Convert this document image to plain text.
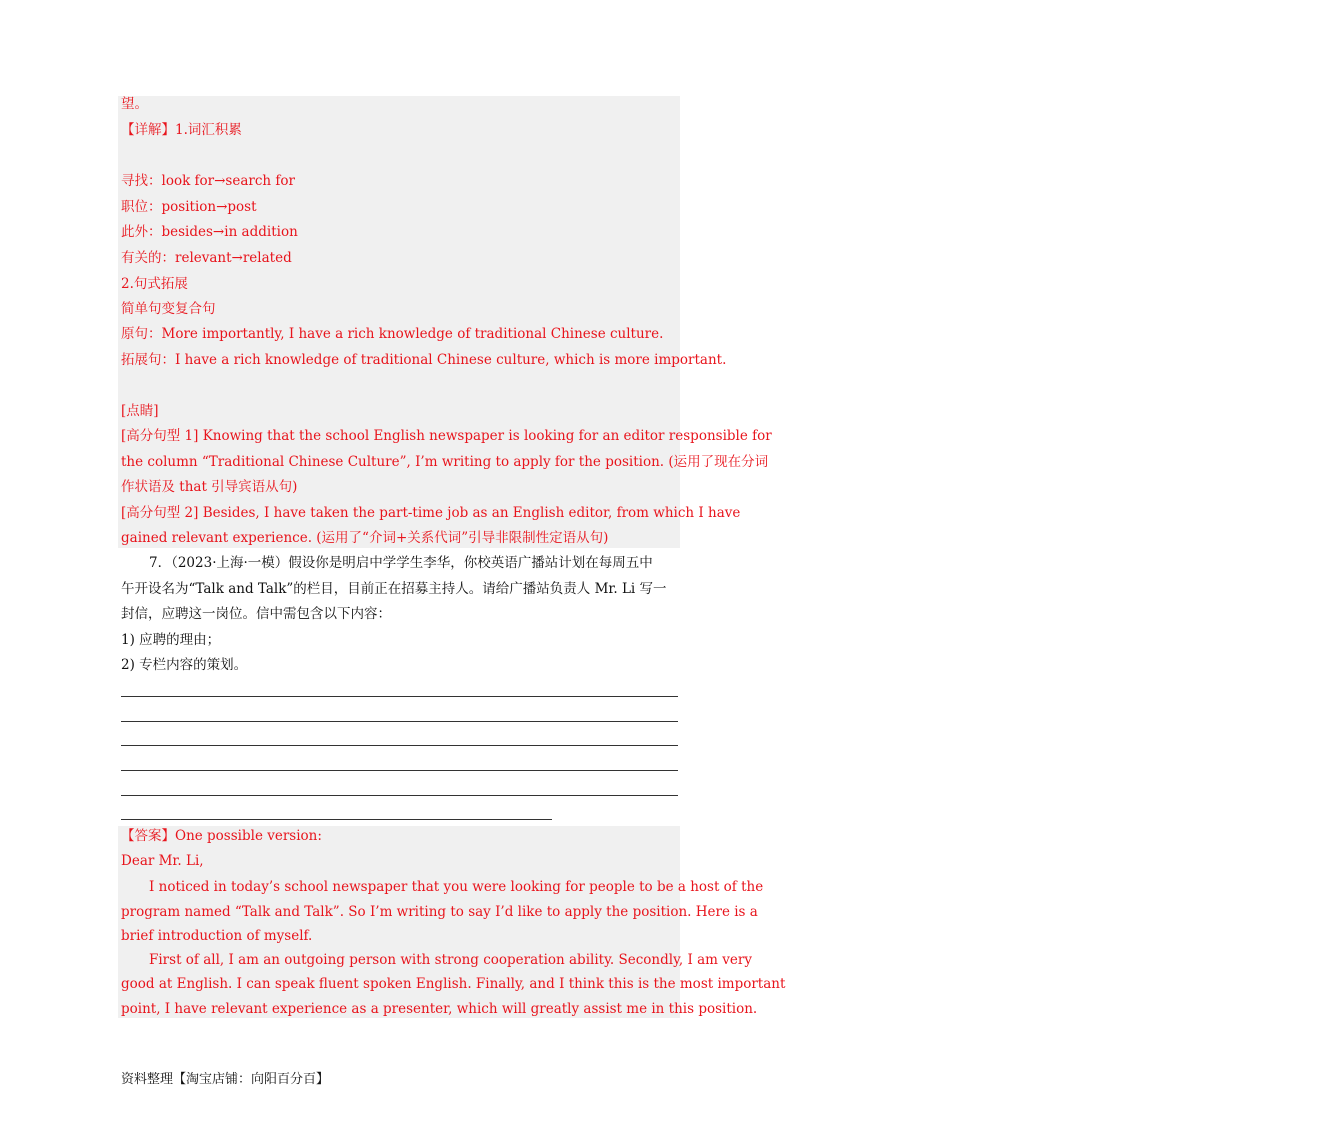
望。
【详解】1.词汇积累
寻找：look for→search for
职位：position→post
此外：besides→in addition
有关的：relevant→related
2.句式拓展
简单句变复合句
原句：More importantly, I have a rich knowledge of traditional Chinese culture.
拓展句：I have a rich knowledge of traditional Chinese culture, which is more important.
[点睛]
[高分句型 1] Knowing that the school English newspaper is looking for an editor responsible for
the column “Traditional Chinese Culture”, I’m writing to apply for the position. (运用了现在分词
作状语及 that 引导宾语从句)
[高分句型 2] Besides, I have taken the part-time job as an English editor, from which I have
gained relevant experience. (运用了“介词+关系代词”引导非限制性定语从句)
7．（2023·上海·一模）假设你是明启中学学生李华，你校英语广播站计划在每周五中
午开设名为“Talk and Talk”的栏目，目前正在招募主持人。请给广播站负责人 Mr. Li 写一
封信，应聘这一岗位。信中需包含以下内容：
1) 应聘的理由；
2) 专栏内容的策划。
【答案】One possible version:
Dear Mr. Li,
I noticed in today’s school newspaper that you were looking for people to be a host of the
program named “Talk and Talk”. So I’m writing to say I’d like to apply the position. Here is a
brief introduction of myself.
First of all, I am an outgoing person with strong cooperation ability. Secondly, I am very
good at English. I can speak fluent spoken English. Finally, and I think this is the most important
point, I have relevant experience as a presenter, which will greatly assist me in this position.
资料整理【淘宝店铺：向阳百分百】
